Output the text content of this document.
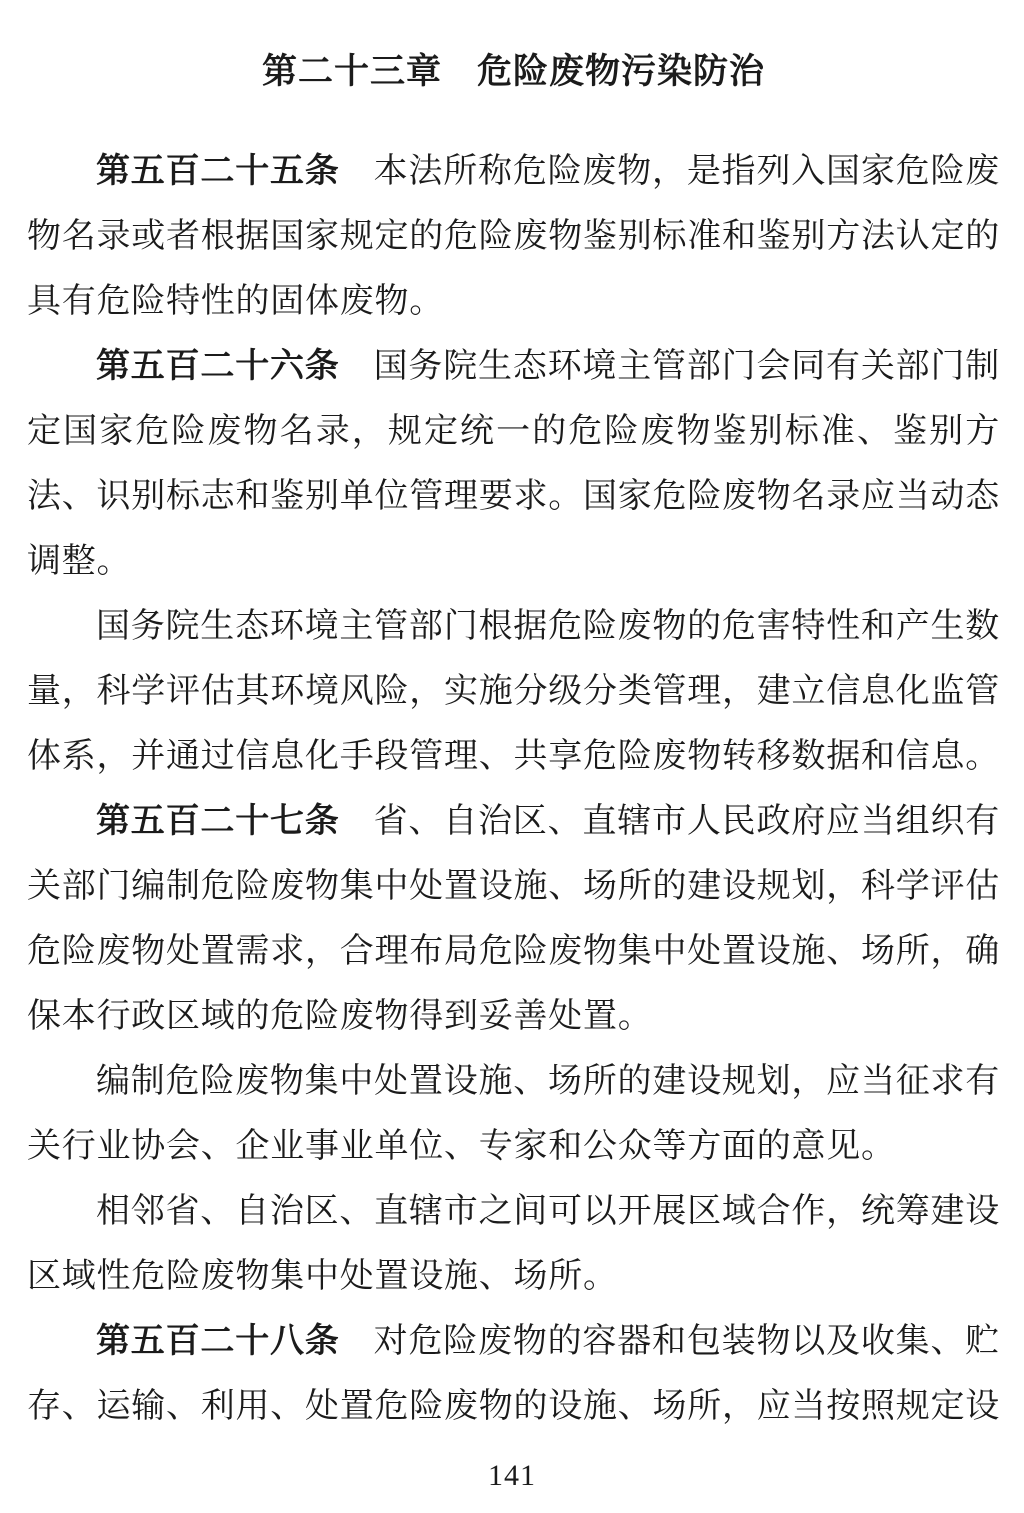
第二十三章 危险废物污染防治

第五百二十五条 本法所称危险废物，是指列入国家危险废物名录或者根据国家规定的危险废物鉴别标准和鉴别方法认定的具有危险特性的固体废物。

第五百二十六条 国务院生态环境主管部门会同有关部门制定国家危险废物名录，规定统一的危险废物鉴别标准、鉴别方法、识别标志和鉴别单位管理要求。国家危险废物名录应当动态调整。

国务院生态环境主管部门根据危险废物的危害特性和产生数量，科学评估其环境风险，实施分级分类管理，建立信息化监管体系，并通过信息化手段管理、共享危险废物转移数据和信息。

第五百二十七条 省、自治区、直辖市人民政府应当组织有关部门编制危险废物集中处置设施、场所的建设规划，科学评估危险废物处置需求，合理布局危险废物集中处置设施、场所，确保本行政区域的危险废物得到妥善处置。

编制危险废物集中处置设施、场所的建设规划，应当征求有关行业协会、企业事业单位、专家和公众等方面的意见。

相邻省、自治区、直辖市之间可以开展区域合作，统筹建设区域性危险废物集中处置设施、场所。

第五百二十八条 对危险废物的容器和包装物以及收集、贮存、运输、利用、处置危险废物的设施、场所，应当按照规定设

141
